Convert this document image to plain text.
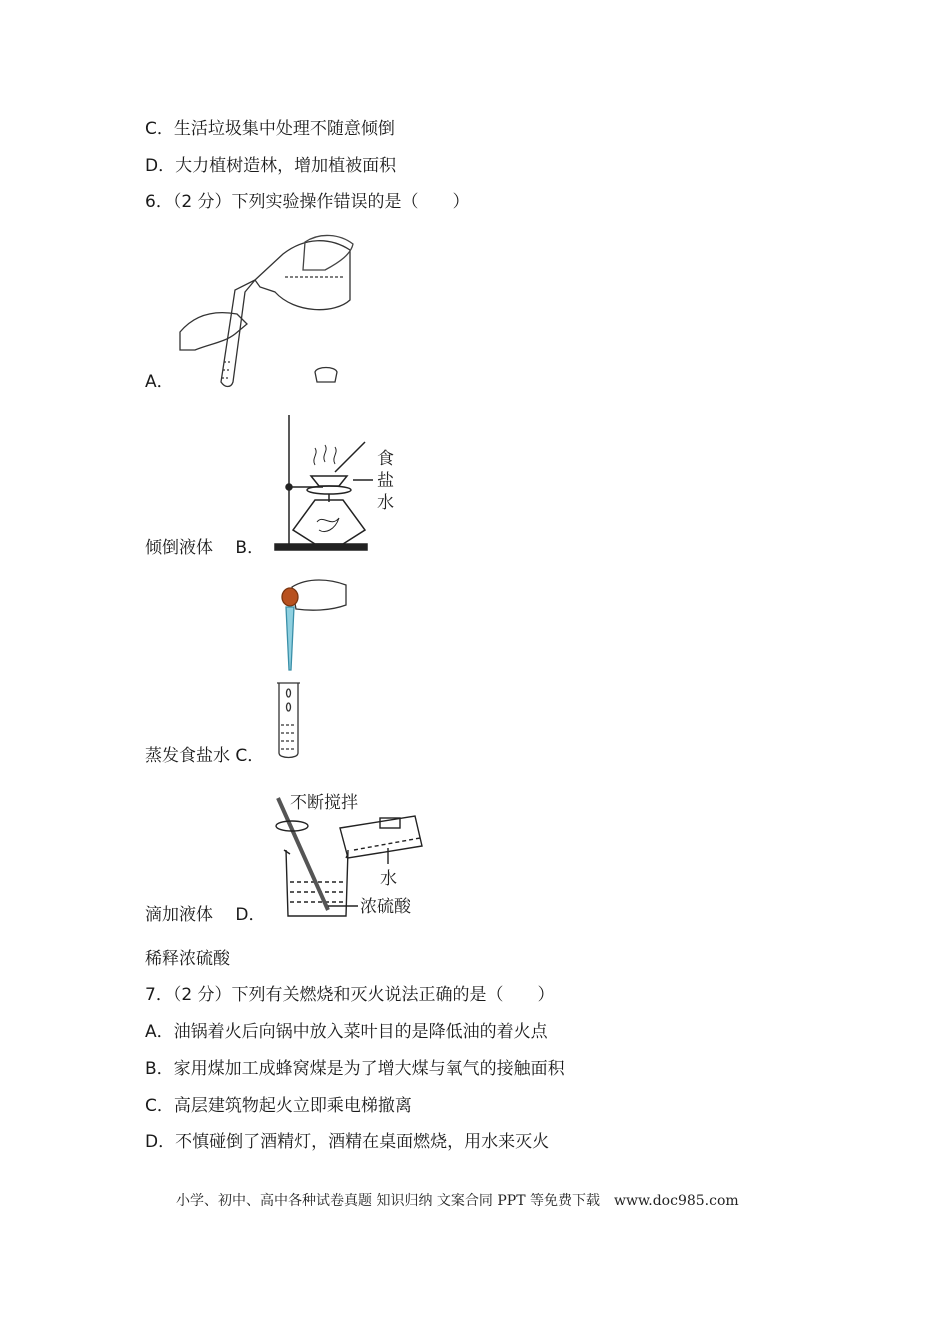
C．生活垃圾集中处理不随意倾倒
D．大力植树造林，增加植被面积
6．（2 分）下列实验操作错误的是（　　）
A．
食
盐
水
倾倒液体　 B．
蒸发食盐水 C．
不断搅拌
水
浓硫酸
滴加液体　 D．
稀释浓硫酸
7．（2 分）下列有关燃烧和灭火说法正确的是（　　）
A．油锅着火后向锅中放入菜叶目的是降低油的着火点
B．家用煤加工成蜂窝煤是为了增大煤与氧气的接触面积
C．高层建筑物起火立即乘电梯撤离
D．不慎碰倒了酒精灯，酒精在桌面燃烧，用水来灭火
小学、初中、高中各种试卷真题 知识归纳 文案合同 PPT 等免费下载　www.doc985.com
